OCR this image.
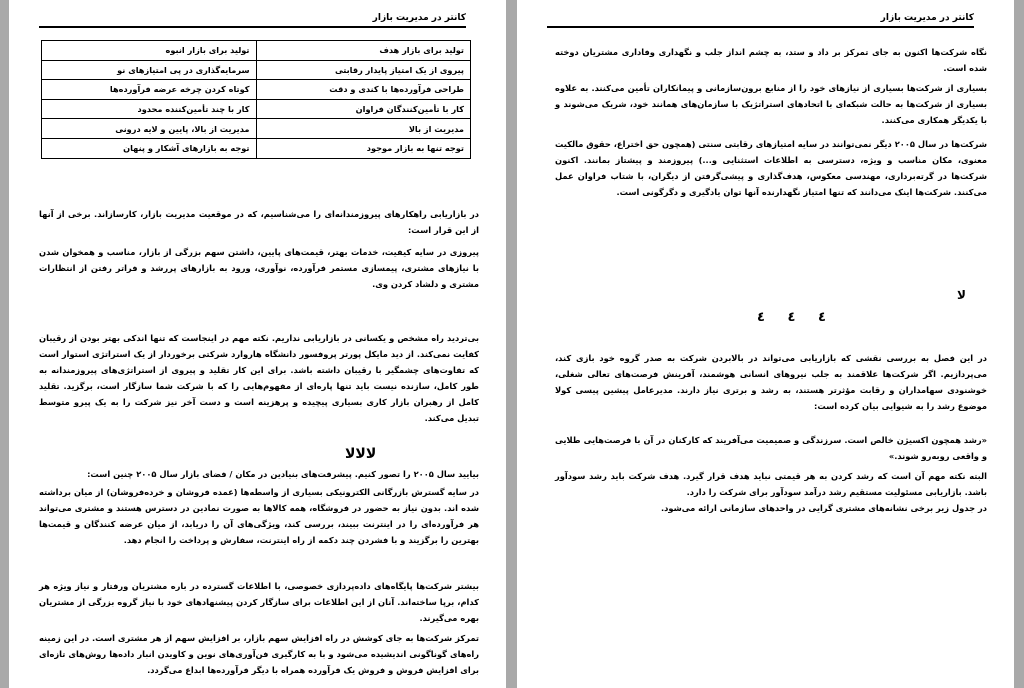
کانتر در مدیریت بازار
تولید برای بازار هدف	تولید برای بازار انبوه
پیروی از یک امتیاز پایدار رقابتی	سرمایه‌گذاری در پی امتیازهای نو
طراحی فرآورده‌ها با کندی و دقت	کوتاه کردن چرخه عرضه فرآورده‌ها
کار با تأمین‌کنندگان فراوان	کار با چند تأمین‌کننده محدود
مدیریت از بالا	مدیریت از بالا، پایین و لایه درونی
توجه تنها به بازار موجود	توجه به بازارهای آشکار و پنهان

در بازاریابی راهکارهای پیروزمندانه‌ای را می‌شناسیم، که در موقعیت مدیریت بازار، کارساز‌اند. برخی از آنها از این قرار است:

پیروزی در سایه کیفیت، خدمات بهتر، قیمت‌های پایین، داشتن سهم بزرگی از بازار، مناسب و همخوان شدن با نیازهای مشتری، پیمسازی مستمر فرآورده، نوآوری، ورود به بازارهای پررشد و فراتر رفتن از انتظارات مشتری و دلشاد کردن وی.

بی‌تردید راه مشخص و یکسانی در بازاریابی نداریم. نکته مهم در اینجاست که تنها اندکی بهتر بودن از رقیبان کفایت نمی‌کند. از دید مایکل پورتر پروفسور دانشگاه هاروارد شرکتی برخوردار از یک استراتژی استوار است که تفاوت‌های چشمگیر با رقیبان داشته باشد. برای این کار تقلید و پیروی از استراتژی‌های پیروزمندانه به طور کامل، سازنده نیست باید تنها پاره‌ای از مفهوم‌هایی را که با شرکت شما سازگار است، برگزید. تقلید کامل از رهبران بازار کاری بسیاری پیچیده و پرهزینه است و دست آخر نیز شرکت را به یک پیرو متوسط تبدیل می‌کند.

ﻻﻻﻻ

بیایید سال ۲۰۰۵ را تصور کنیم. پیشرفت‌های بنیادین در مکان / فضای بازار سال ۲۰۰۵ چنین است:

در سایه گسترش بازرگانی الکترونیکی بسیاری از واسطه‌ها (عمده فروشان و خرده‌فروشان) از میان برداشته شده اند. بدون نیاز به حضور در فروشگاه، همه کالاها به صورت نمادین در دسترس هستند و مشتری می‌تواند هر فرآورده‌ای را در اینترنت ببیند، بررسی کند، ویژگی‌های آن را دریابد، از میان عرضه کنندگان و قیمت‌ها بهترین را برگزیند و با فشردن چند دکمه از راه اینترنت، سفارش و پرداخت را انجام دهد.

بیشتر شرکت‌ها پایگاه‌های داده‌پردازی خصوصی، با اطلاعات گسترده در باره مشتریان ورفتار و نیاز ویژه هر کدام، برپا ساخته‌اند. آنان از این اطلاعات برای سازگار کردن پیشنهادهای خود با نیاز گروه بزرگی از مشتریان بهره می‌گیرند.

تمرکز شرکت‌ها به جای کوشش در راه افزایش سهم بازار، بر افزایش سهم از هر مشتری است. در این زمینه راه‌های گوناگونی اندیشیده می‌شود و با به کارگیری فن‌آوری‌های نوین و کاویدن انبار داده‌ها روش‌های تازه‌ای برای افزایش فروش و فروش یک فرآورده همراه با دیگر فرآورده‌ها ابداع می‌گردد.

کانتر در مدیریت بازار

نگاه شرکت‌ها اکنون به جای تمرکز بر داد و ستد، به چشم انداز جلب و نگهداری وفاداری مشتریان دوخته شده است.

بسیاری از شرکت‌ها بسیاری از نیازهای خود را از منابع برون‌سازمانی و پیمانکاران تأمین می‌کنند. به علاوه بسیاری از شرکت‌ها به حالت شبکه‌ای با اتحادهای استراتژیک با سازمان‌های همانند خود، شریک می‌شوند و با یکدیگر همکاری می‌کنند.

شرکت‌ها در سال ۲۰۰۵ دیگر نمی‌توانند در سایه امتیازهای رقابتی سنتی (همچون حق اختراع، حقوق مالکیت معنوی، مکان مناسب و ویژه، دسترسی به اطلاعات استثنایی و...) پیروزمند و پیشتاز بمانند. اکنون شرکت‌ها در گرته‌برداری، مهندسی معکوس، هدف‌گذاری و پیشی‌گرفتن از دیگران، با شتاب فراوان عمل می‌کنند. شرکت‌ها اینک می‌دانند که تنها امتیاز نگهدارنده آنها توان یادگیری و دگرگونی است.

ﻻ
٤ ٤ ٤

در این فصل به بررسی نقشی که بازاریابی می‌تواند در بالابردن شرکت به صدر گروه خود بازی کند، می‌پردازیم. اگر شرکت‌ها علاقمند به جلب نیروهای انسانی هوشمند، آفرینش فرصت‌های تعالی شغلی، خوشنودی سهامداران و رقابت مؤثرتر هستند، به رشد و برتری نیاز دارند. مدیرعامل پیشین پیسی کولا موضوع رشد را به شیوایی بیان کرده است:

«رشد همچون اکسیژن خالص است. سرزندگی و صمیمیت می‌آفریند که کارکنان در آن با فرصت‌هایی طلایی و واقعی روبه‌رو شوند.»

البته نکته مهم آن است که رشد کردن به هر قیمتی نباید هدف قرار گیرد. هدف شرکت باید رشد سودآور باشد. بازاریابی مسئولیت مستقیم رشد درآمد سودآور برای شرکت را دارد.

در جدول زیر برخی نشانه‌های مشتری گرایی در واحدهای سازمانی ارائه می‌شود.
